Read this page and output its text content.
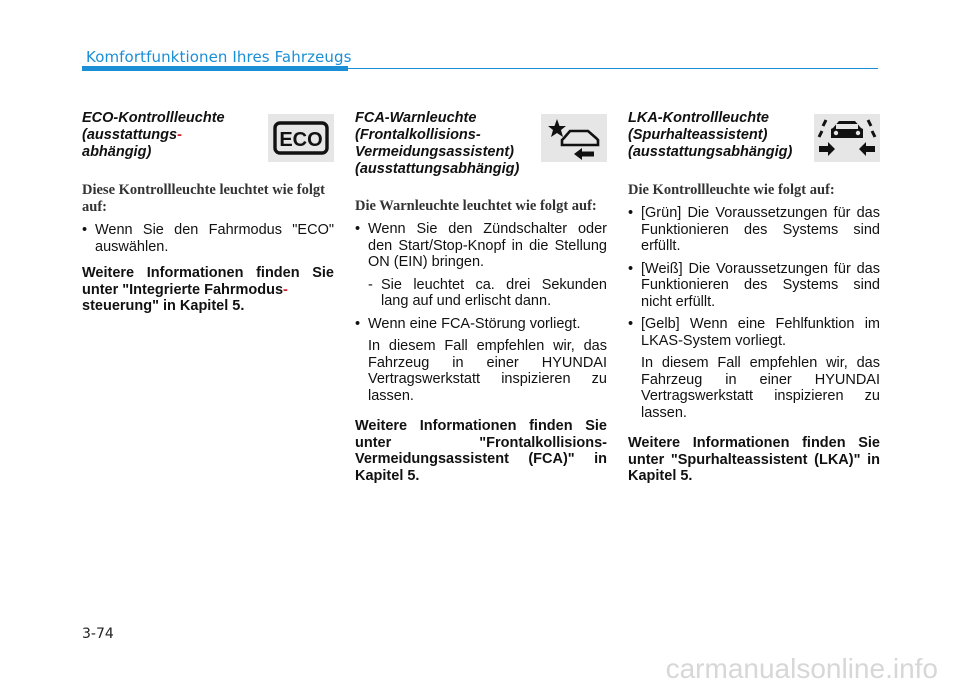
Komfortfunktionen Ihres Fahrzeugs
ECO-Kontrollleuchte (ausstattungs-
abhängig)
ECO
Diese Kontrollleuchte leuchtet wie folgt auf:
• Wenn Sie den Fahrmodus "ECO" auswählen.
Weitere Informationen finden Sie unter "Integrierte Fahrmodus-
steuerung" in Kapitel 5.
FCA-Warnleuchte (Frontalkollisions-Vermeidungsassistent) (ausstattungsabhängig)
Die Warnleuchte leuchtet wie folgt auf:
• Wenn Sie den Zündschalter oder den Start/Stop-Knopf in die Stellung ON (EIN) bringen.
- Sie leuchtet ca. drei Sekunden lang auf und erlischt dann.
• Wenn eine FCA-Störung vorliegt.
In diesem Fall empfehlen wir, das Fahrzeug in einer HYUNDAI Vertragswerkstatt inspizieren zu lassen.
Weitere Informationen finden Sie unter "Frontalkollisions-Vermeidungsassistent (FCA)" in Kapitel 5.
LKA-Kontrollleuchte (Spurhalteassistent) (ausstattungsabhängig)
Die Kontrollleuchte wie folgt auf:
• [Grün] Die Voraussetzungen für das Funktionieren des Systems sind erfüllt.
• [Weiß] Die Voraussetzungen für das Funktionieren des Systems sind nicht erfüllt.
• [Gelb] Wenn eine Fehlfunktion im LKAS-System vorliegt.
In diesem Fall empfehlen wir, das Fahrzeug in einer HYUNDAI Vertragswerkstatt inspizieren zu lassen.
Weitere Informationen finden Sie unter "Spurhalteassistent (LKA)" in Kapitel 5.
3-74
carmanualsonline.info
